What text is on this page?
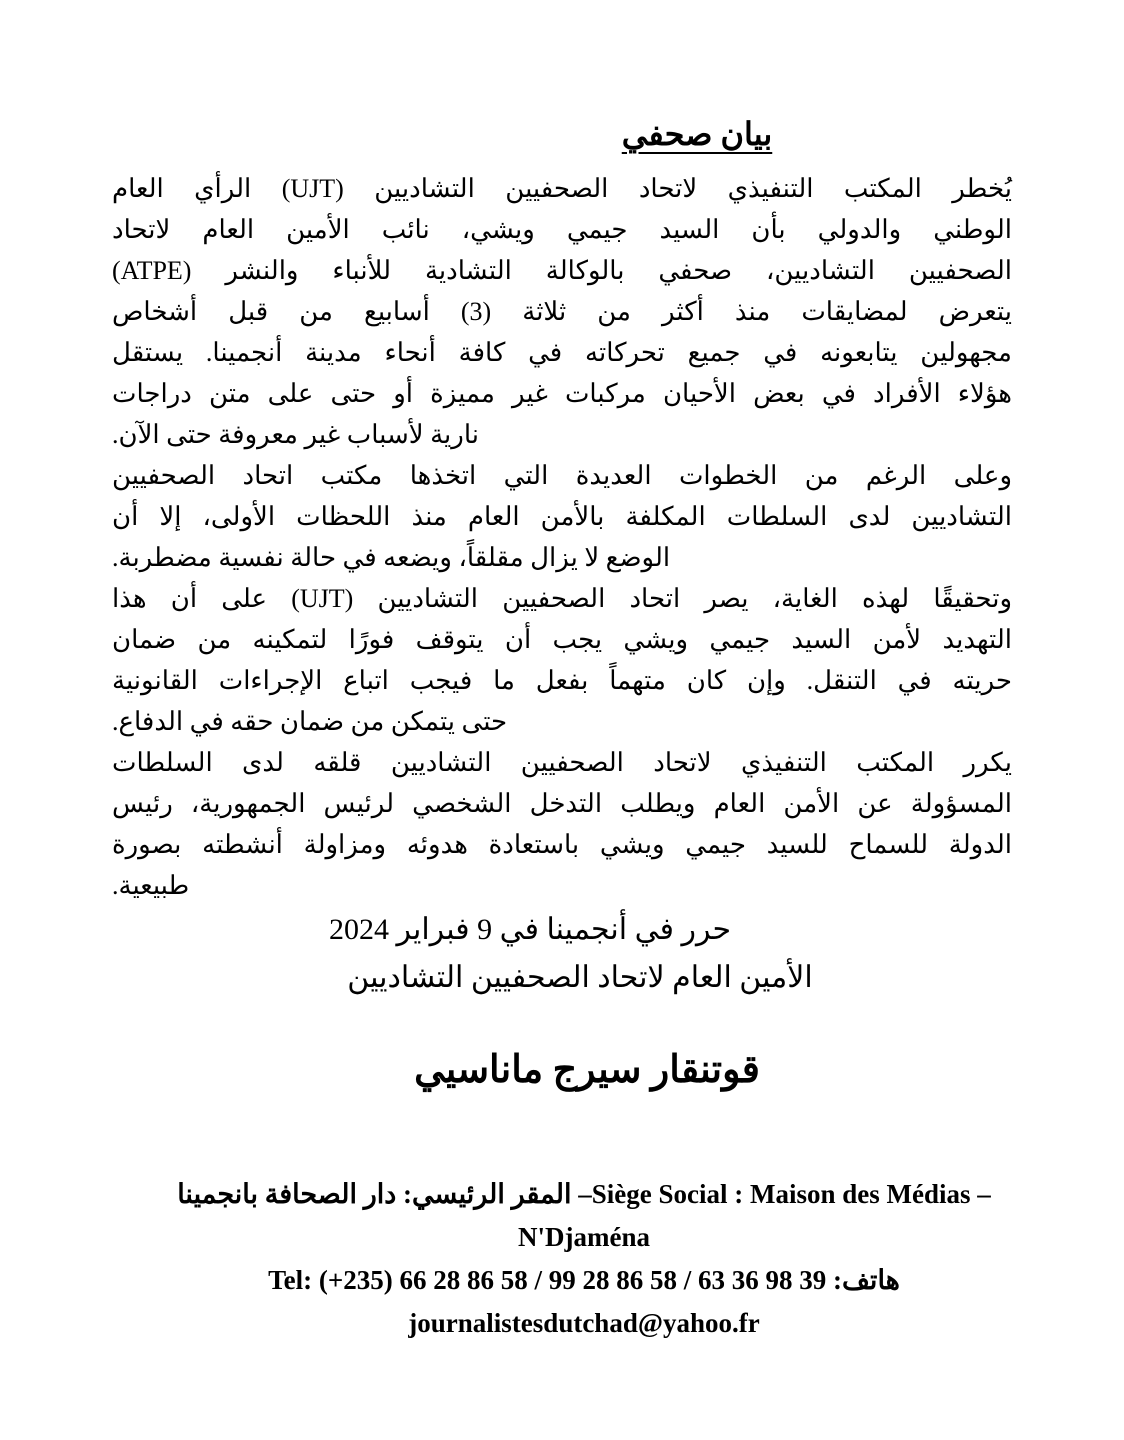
بيان صحفي
يُخطر المكتب التنفيذي لاتحاد الصحفيين التشاديين (UJT) الرأي العام
الوطني والدولي بأن السيد جيمي ويشي، نائب الأمين العام لاتحاد
الصحفيين التشاديين، صحفي بالوكالة التشادية للأنباء والنشر (ATPE)
يتعرض لمضايقات منذ أكثر من ثلاثة (3) أسابيع من قبل أشخاص
مجهولين يتابعونه في جميع تحركاته في كافة أنحاء مدينة أنجمينا. يستقل
هؤلاء الأفراد في بعض الأحيان مركبات غير مميزة أو حتى على متن دراجات
نارية لأسباب غير معروفة حتى الآن.
وعلى الرغم من الخطوات العديدة التي اتخذها مكتب اتحاد الصحفيين
التشاديين لدى السلطات المكلفة بالأمن العام منذ اللحظات الأولى، إلا أن
الوضع لا يزال مقلقاً، ويضعه في حالة نفسية مضطربة.
وتحقيقًا لهذه الغاية، يصر اتحاد الصحفيين التشاديين (UJT) على أن هذا
التهديد لأمن السيد جيمي ويشي يجب أن يتوقف فورًا لتمكينه من ضمان
حريته في التنقل. وإن كان متهماً بفعل ما فيجب اتباع الإجراءات القانونية
حتى يتمكن من ضمان حقه في الدفاع.
يكرر المكتب التنفيذي لاتحاد الصحفيين التشاديين قلقه لدى السلطات
المسؤولة عن الأمن العام ويطلب التدخل الشخصي لرئيس الجمهورية، رئيس
الدولة للسماح للسيد جيمي ويشي باستعادة هدوئه ومزاولة أنشطته بصورة
طبيعية.
حرر في أنجمينا في 9 فبراير 2024
الأمين العام لاتحاد الصحفيين التشاديين
قوتنقار سيرج ماناسيي
المقر الرئيسي: دار الصحافة بانجمينا –Siège Social : Maison des Médias –
N'Djaména
هاتف: Tel: (+235) 66 28 86 58 / 99 28 86 58 / 63 36 98 39
journalistesdutchad@yahoo.fr
